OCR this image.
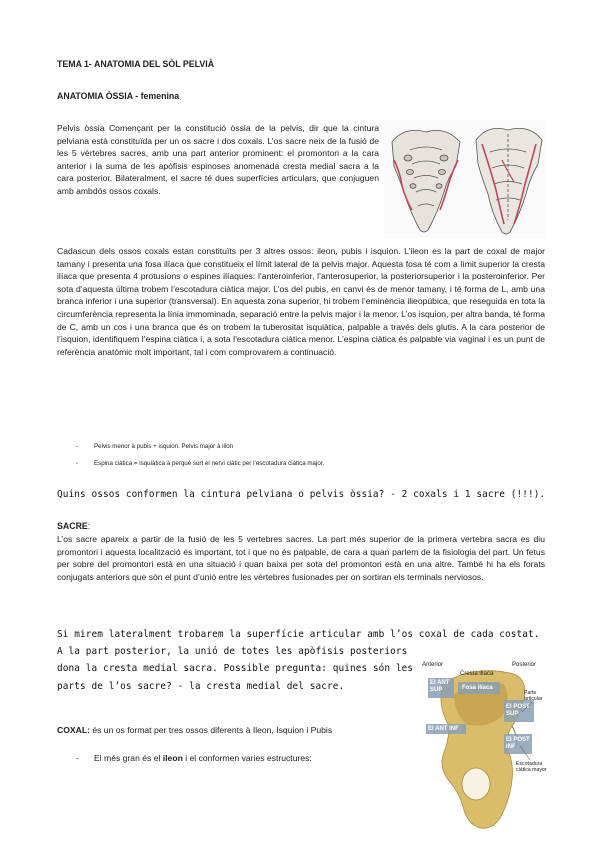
TEMA 1- ANATOMIA DEL SÒL PELVIÀ
ANATOMIA ÒSSIA - femenina
Pelvis òssia Començant per la constitució òssia de la pelvis, dir que la cintura pelviana està constituïda per un os sacre i dos coxals. L’os sacre neix de la fusió de les 5 vèrtebres sacres, amb una part anterior prominent: el promontori a la cara anterior i la suma de les apòfisis espinoses anomenada cresta medial sacra a la cara posterior. Bilateralment, el sacre té dues superfícies articulars, que conjuguen amb ambdós ossos coxals.
Cadascun dels ossos coxals estan constituïts per 3 altres ossos: ileon, pubis i isquion. L’ileon es la part de coxal de major tamany i presenta una fosa ilíaca que constitueix el límit lateral de la pelvis major. Aquesta fosa té com a límit superior la cresta ilíaca que presenta 4 protusions o espines ilíaques: l’anteroinferior, l’anterosuperior, la posteriorsuperior i la posteroinferior. Per sota d’aquesta última trobem l’escotadura ciàtica major. L’os del pubis, en canvi és de menor tamany, i té forma de L, amb una branca inferior i una superior (transversal). En aquesta zona superior, hi trobem l’eminència ilieopúbica, que reseguida en tota la circumferència representa la línia immominada, separació entre la pelvis major i la menor. L’os isquion, per altra banda, té forma de C, amb un cos i una branca que és on trobem la tuberositat isquiàtica, palpable a través dels glutis. A la cara posterior de l’isquion, identifiquem l’espina ciàtica i, a sota l’escotadura ciàtica menor. L’espina ciàtica és palpable via vaginal i es un punt de referència anatòmic molt important, tal i com comprovarem a continuació.
-	Pelvis menor à pubis + isquion. Pelvis major à ilion
-	Espina ciàtica = isquiàtica à perquè surt el nervi ciàtic per l’escotadura ciàtica major.
Quins ossos conformen la cintura pelviana o pelvis òssia? - 2 coxals i 1 sacre (!!!).
SACRE:
L’os sacre apareix a partir de la fusió de les 5 vertebres sacres. La part més superior de la primera vertebra sacra es diu promontori i aquesta localització és important, tot i que no és palpable, de cara a quan parlem de la fisiologia del part. Un fetus per sobre del promontori està en una situació i quan baixa per sota del promontori està en una altre. També hi ha els forats conjugats anteriors que són el punt d’unió entre les vèrtebres fusionades per on sortiran els terminals nerviosos.
Si mirem lateralment trobarem la superfície articular amb l’os coxal de cada costat.
A la part posterior, la unió de totes les apòfisis posteriors
dona la cresta medial sacra. Possible pregunta: quines són les
parts de l’os sacre? - la cresta medial del sacre.
Anterior	Posterior
Cresta ilíaca
EI ANT
SUP	Fosa ilíaca
EI POST
SUP
Parte
articular
EI POST
INF
EI ANT INF
Escotadura
ciática mayor
COXAL: és un os format per tres ossos diferents à Ileon, Isquion i Pubis
- El més gran és el ileon i el conformen varies estructures:
